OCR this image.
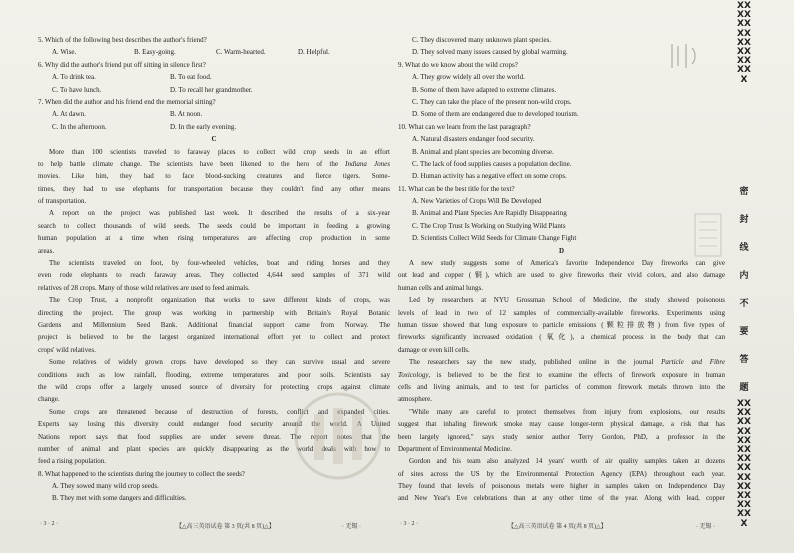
5. Which of the following best describes the author's friend?
A. Wise.	B. Easy-going.	C. Warm-hearted.	D. Helpful.
6. Why did the author's friend put off sitting in silence first?
A. To drink tea.	B. To eat food.
C. To have lunch.	D. To recall her grandmother.
7. When did the author and his friend end the memorial sitting?
A. At dawn.	B. At noon.
C. In the afternoon.	D. In the early evening.
C
More than 100 scientists traveled to faraway places to collect wild crop seeds in an effort
to help battle climate change. The scientists have been likened to the hero of the Indiana Jones
movies. Like him, they had to face blood-sucking creatures and fierce tigers. Some-
times, they had to use elephants for transportation because they couldn't find any other means
of transportation.
A report on the project was published last week. It described the results of a six-year
search to collect thousands of wild seeds. The seeds could be important in feeding a growing
human population at a time when rising temperatures are affecting crop production in some
areas.
The scientists traveled on foot, by four-wheeled vehicles, boat and riding horses and they
even rode elephants to reach faraway areas. They collected 4,644 seed samples of 371 wild
relatives of 28 crops. Many of those wild relatives are used to feed animals.
The Crop Trust, a nonprofit organization that works to save different kinds of crops, was
directing the project. The group was working in partnership with Britain's Royal Botanic
Gardens and Millennium Seed Bank. Additional financial support came from Norway. The
project is believed to be the largest organized international effort yet to collect and protect
crops' wild relatives.
Some relatives of widely grown crops have developed so they can survive usual and severe
conditions such as low rainfall, flooding, extreme temperatures and poor soils. Scientists say
the wild crops offer a largely unused source of diversity for protecting crops against climate
change.
Some crops are threatened because of destruction of forests, conflict and expanded cities.
Experts say losing this diversity could endanger food security around the world. A United
Nations report says that food supplies are under severe threat. The report notes that the
number of animal and plant species are quickly disappearing as the world deals with how to
feed a rising population.
8. What happened to the scientists during the journey to collect the seeds?
A. They sowed many wild crop seeds.
B. They met with some dangers and difficulties.
C. They discovered many unknown plant species.
D. They solved many issues caused by global warming.
9. What do we know about the wild crops?
A. They grow widely all over the world.
B. Some of them have adapted to extreme climates.
C. They can take the place of the present non-wild crops.
D. Some of them are endangered due to developed tourism.
10. What can we learn from the last paragraph?
A. Natural disasters endanger food security.
B. Animal and plant species are becoming diverse.
C. The lack of food supplies causes a population decline.
D. Human activity has a negative effect on some crops.
11. What can be the best title for the text?
A. New Varieties of Crops Will Be Developed
B. Animal and Plant Species Are Rapidly Disappearing
C. The Crop Trust Is Working on Studying Wild Plants
D. Scientists Collect Wild Seeds for Climate Change Fight
D
A new study suggests some of America's favorite Independence Day fireworks can give
out lead and copper (铜), which are used to give fireworks their vivid colors, and also damage
human cells and animal lungs.
Led by researchers at NYU Grossman School of Medicine, the study showed poisonous
levels of lead in two of 12 samples of commercially-available fireworks. Experiments using
human tissue showed that lung exposure to particle emissions (颗粒排放物) from five types of
fireworks significantly increased oxidation (氧化), a chemical process in the body that can
damage or even kill cells.
The researchers say the new study, published online in the journal Particle and Fibre
Toxicology, is believed to be the first to examine the effects of firework exposure in human
cells and living animals, and to test for particles of common firework metals thrown into the
atmosphere.
"While many are careful to protect themselves from injury from explosions, our results
suggest that inhaling firework smoke may cause longer-term physical damage, a risk that has
been largely ignored," says study senior author Terry Gordon, PhD, a professor in the
Department of Environmental Medicine.
Gordon and his team also analyzed 14 years' worth of air quality samples taken at dozens
of sites across the US by the Environmental Protection Agency (EPA) throughout each year.
They found that levels of poisonous metals were higher in samples taken on Independence Day
and New Year's Eve celebrations than at any other time of the year. Along with lead, copper
· 3 · 2 ·	【△高三英语试卷 第 3 页(共 8 页)△】	· 无锡 ·	· 3 · 2 ·	【△高三英语试卷 第 4 页(共 8 页)△】	· 无锡 ·
XXXXXXXXXXXXXXXXX
密
封
线
内
不
要
答
题
XXXXXXXXXXXXXXXXXXXXXXXXXXX
